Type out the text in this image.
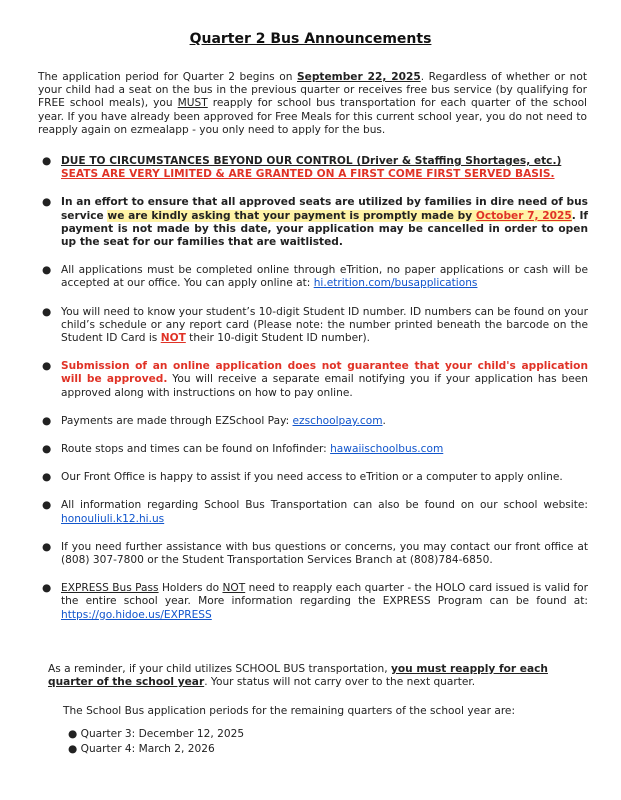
Quarter 2 Bus Announcements
The application period for Quarter 2 begins on September 22, 2025. Regardless of whether or not your child had a seat on the bus in the previous quarter or receives free bus service (by qualifying for FREE school meals), you MUST reapply for school bus transportation for each quarter of the school year. If you have already been approved for Free Meals for this current school year, you do not need to reapply again on ezmealapp - you only need to apply for the bus.
● DUE TO CIRCUMSTANCES BEYOND OUR CONTROL (Driver & Staffing Shortages, etc.)
SEATS ARE VERY LIMITED & ARE GRANTED ON A FIRST COME FIRST SERVED BASIS.
● In an effort to ensure that all approved seats are utilized by families in dire need of bus service we are kindly asking that your payment is promptly made by October 7, 2025. If payment is not made by this date, your application may be cancelled in order to open up the seat for our families that are waitlisted.
● All applications must be completed online through eTrition, no paper applications or cash will be accepted at our office. You can apply online at: hi.etrition.com/busapplications
● You will need to know your student’s 10-digit Student ID number. ID numbers can be found on your child’s schedule or any report card (Please note: the number printed beneath the barcode on the Student ID Card is NOT their 10-digit Student ID number).
● Submission of an online application does not guarantee that your child's application will be approved. You will receive a separate email notifying you if your application has been approved along with instructions on how to pay online.
● Payments are made through EZSchool Pay: ezschoolpay.com.
● Route stops and times can be found on Infofinder: hawaiischoolbus.com
● Our Front Office is happy to assist if you need access to eTrition or a computer to apply online.
● All information regarding School Bus Transportation can also be found on our school website: honouliuli.k12.hi.us
● If you need further assistance with bus questions or concerns, you may contact our front office at (808) 307-7800 or the Student Transportation Services Branch at (808)784-6850.
● EXPRESS Bus Pass Holders do NOT need to reapply each quarter - the HOLO card issued is valid for the entire school year. More information regarding the EXPRESS Program can be found at: https://go.hidoe.us/EXPRESS
As a reminder, if your child utilizes SCHOOL BUS transportation, you must reapply for each quarter of the school year. Your status will not carry over to the next quarter.
The School Bus application periods for the remaining quarters of the school year are:
● Quarter 3: December 12, 2025
● Quarter 4: March 2, 2026
